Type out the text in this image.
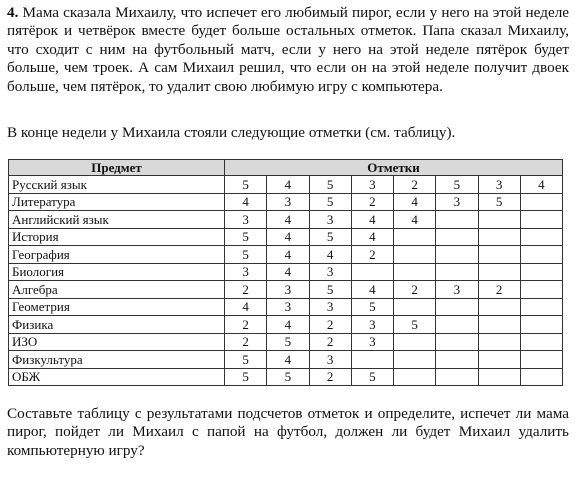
4. Мама сказала Михаилу, что испечет его любимый пирог, если у него на этой неделе пятёрок и четвёрок вместе будет больше остальных отметок. Папа сказал Михаилу, что сходит с ним на футбольный матч, если у него на этой неделе пятёрок будет больше, чем троек. А сам Михаил решил, что если он на этой неделе получит двоек больше, чем пятёрок, то удалит свою любимую игру с компьютера.

В конце недели у Михаила стояли следующие отметки (см. таблицу).

Предмет	Отметки							
Русский язык	5	4	5	3	2	5	3	4
Литература	4	3	5	2	4	3	5	
Английский язык	3	4	3	4	4			
История	5	4	5	4				
География	5	4	4	2				
Биология	3	4	3					
Алгебра	2	3	5	4	2	3	2	
Геометрия	4	3	3	5				
Физика	2	4	2	3	5			
ИЗО	2	5	2	3				
Физкультура	5	4	3					
ОБЖ	5	5	2	5				

Составьте таблицу с результатами подсчетов отметок и определите, испечет ли мама пирог, пойдет ли Михаил с папой на футбол, должен ли будет Михаил удалить компьютерную игру?
